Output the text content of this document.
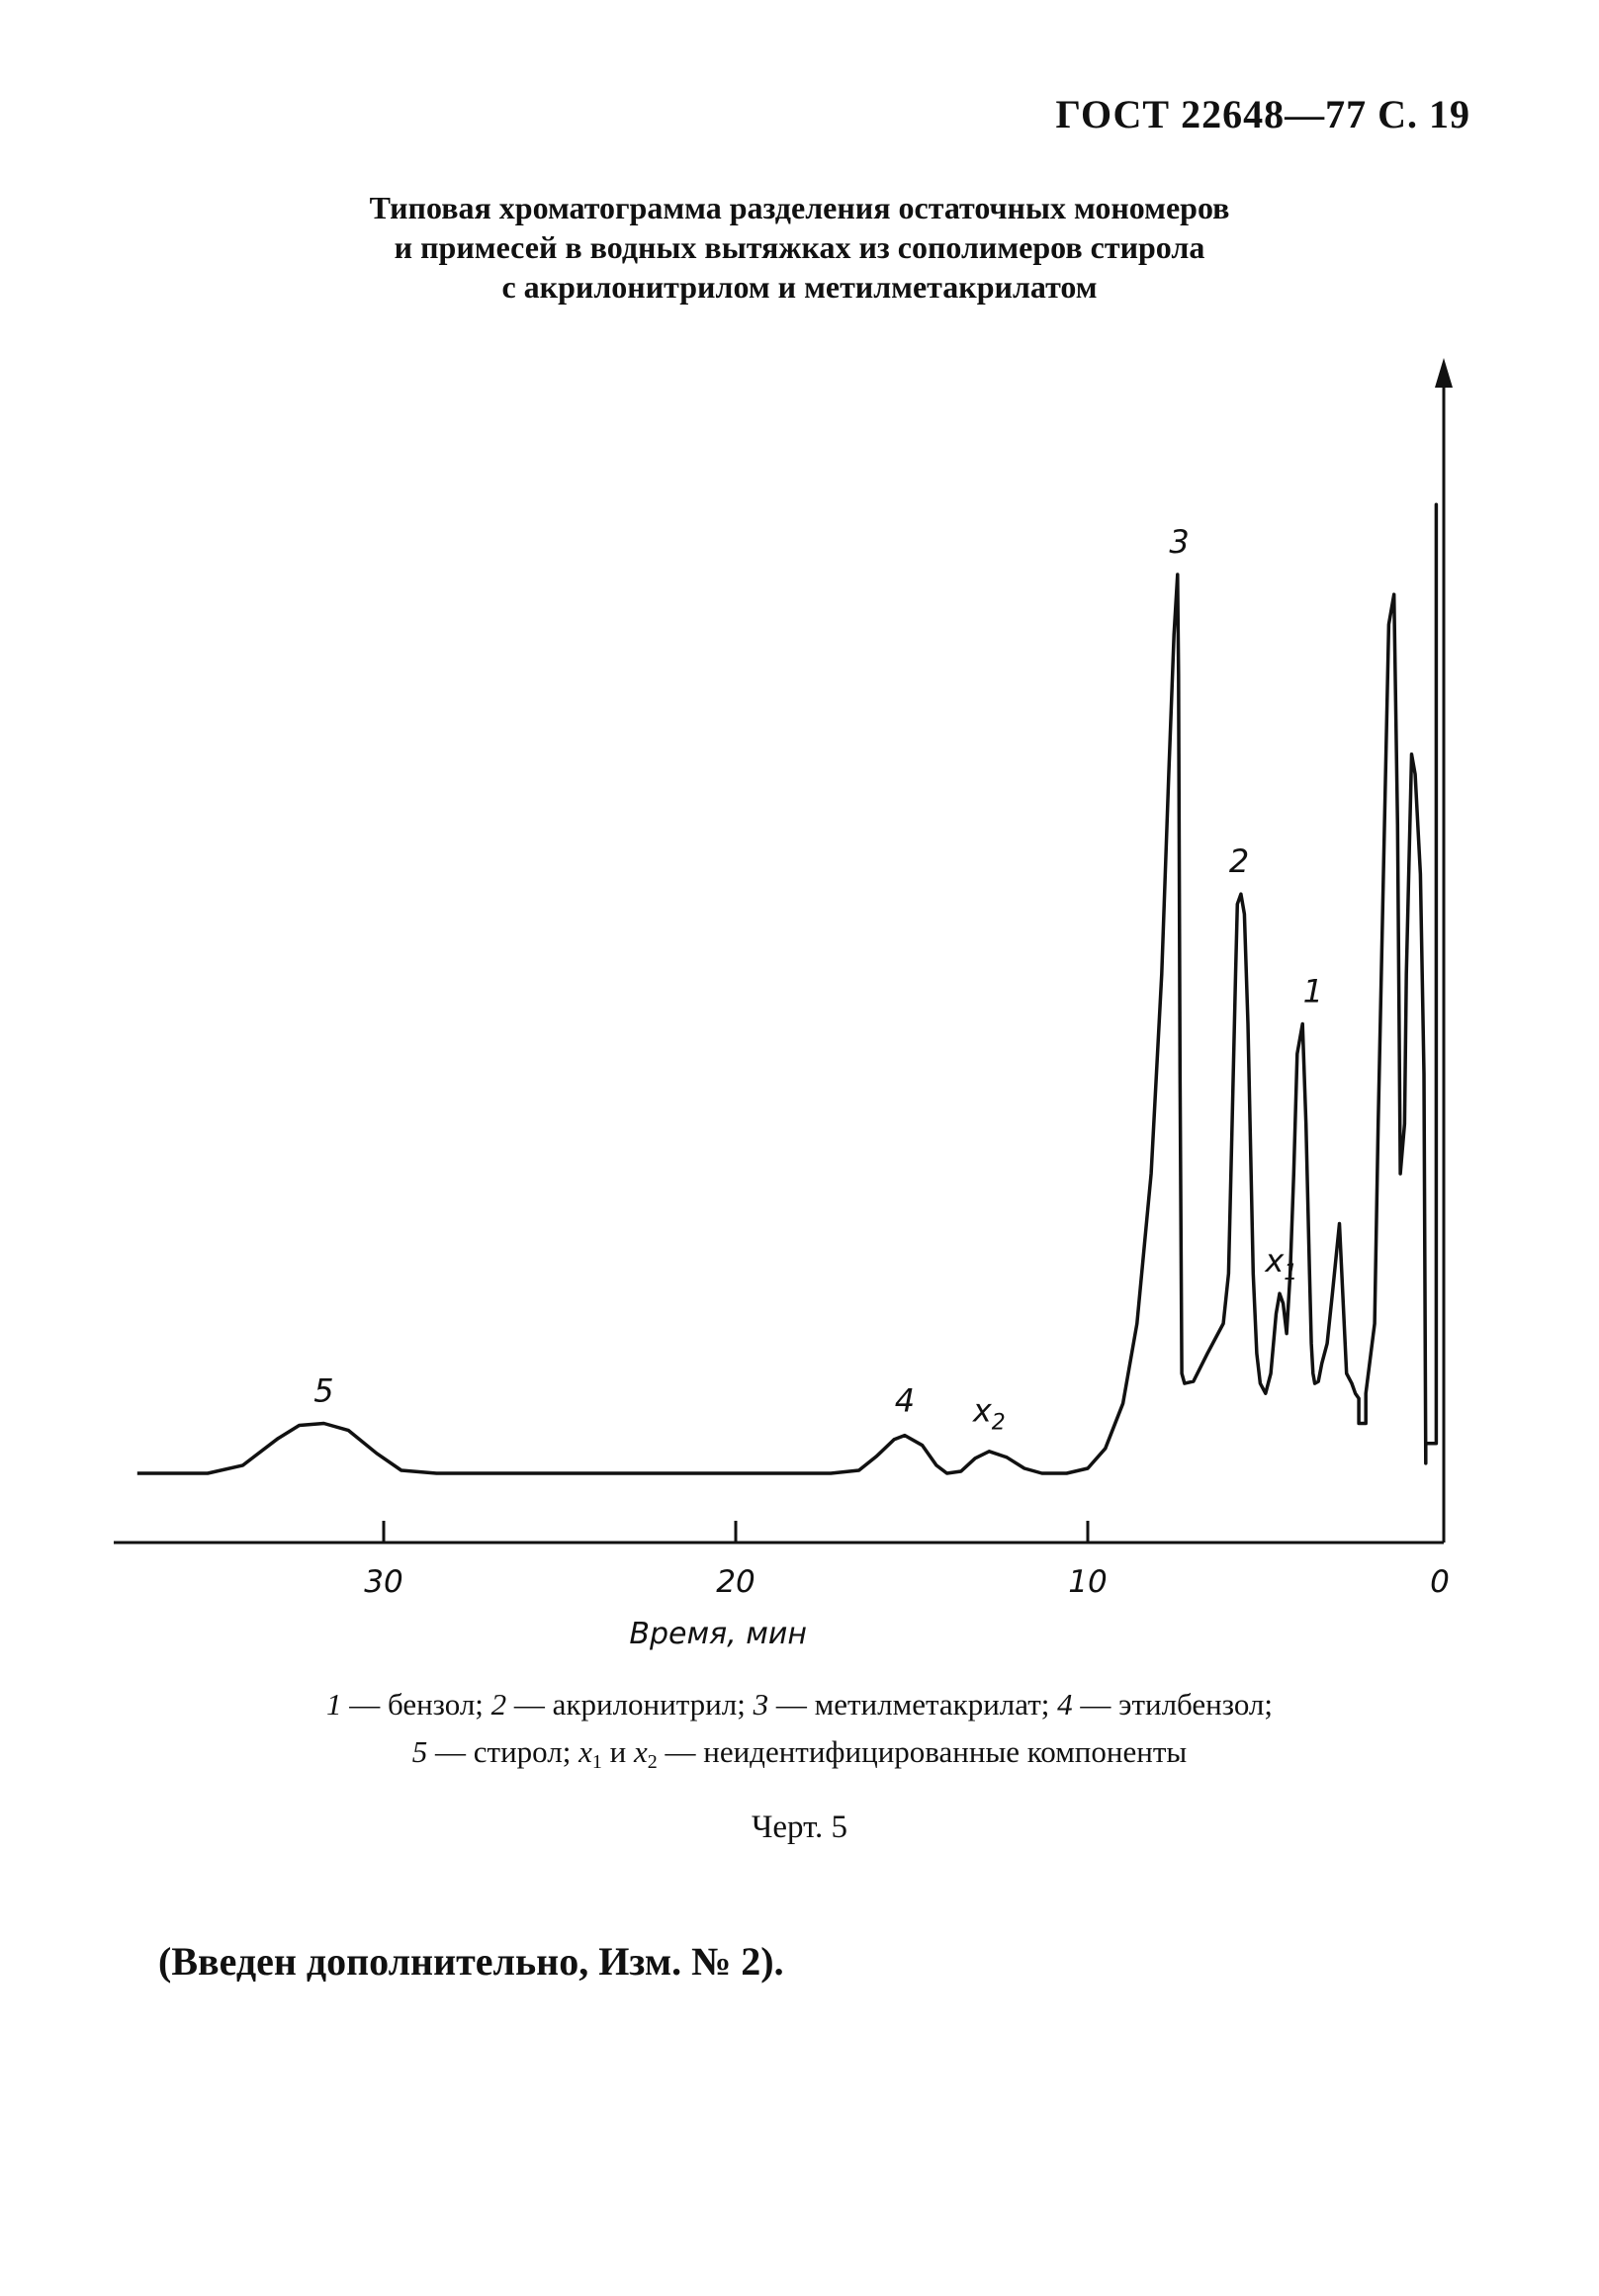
ГОСТ 22648—77 С. 19
Типовая хроматограмма разделения остаточных мономеров
и примесей в водных вытяжках из сополимеров стирола
с акрилонитрилом и метилметакрилатом
5	4 $x_2$
3
2
$x_1$
1
30	20	10	0
Время, мин
1 — бензол; 2 — акрилонитрил; 3 — метилметакрилат; 4 — этилбензол;
5 — стирол; $x_1$ и $x_2$ — неидентифицированные компоненты
Черт. 5
(Введен дополнительно, Изм. № 2).
